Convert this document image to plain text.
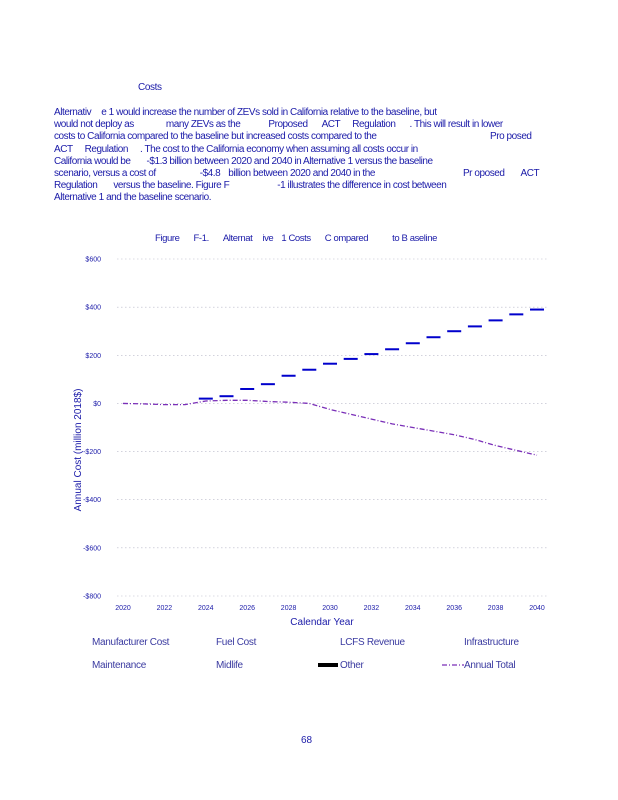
Costs
Alternativ e 1 would increase the number of ZEVs sold in California relative to the baseline, but
would not deploy as	many ZEVs as the	Proposed ACT Regulation . This will result in lower
costs to California compared to the baseline but increased costs compared to the	Pro posed
ACT Regulation . The cost to the California economy when assuming all costs occur in
California would be -$1.3 billion between 2020 and 2040 in Alternative 1 versus the baseline
scenario, versus a cost of	-$4.8 billion between 2020 and 2040 in the	Pr oposed ACT
Regulation versus the baseline. Figure F	-1 illustrates the difference in cost between
Alternative 1 and the baseline scenario.
Figure F-1. Alternat ive 1 Costs C ompared	to B aseline
$600
$400
$200
$0
-$200
-$400
-$600
-$800
2020	2022	2024	2026	2028	2030	2032	2034	2036	2038	2040
Calendar Year
Annual Cost (million 2018$)
Manufacturer Cost	Fuel Cost	LCFS Revenue	Infrastructure
Maintenance	Midlife	Other	Annual Total
68
